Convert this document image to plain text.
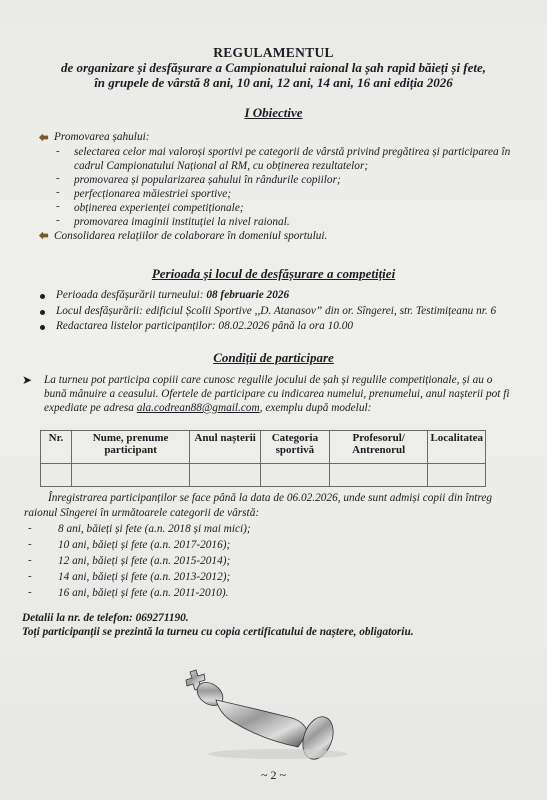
REGULAMENTUL
de organizare și desfășurare a Campionatului raional la șah rapid băieți și fete,
în grupele de vârstă 8 ani, 10 ani, 12 ani, 14 ani, 16 ani ediția 2026
I Obiective
Promovarea șahului:
- selectarea celor mai valoroși sportivi pe categorii de vârstă privind pregătirea și participarea în
cadrul Campionatului Național al RM, cu obținerea rezultatelor;
- promovarea și popularizarea șahului în rândurile copiilor;
- perfecționarea măiestriei sportive;
- obținerea experienței competiționale;
- promovarea imaginii instituției la nivel raional.
Consolidarea relațiilor de colaborare în domeniul sportului.
Perioada și locul de desfășurare a competiției
Perioada desfășurării turneului: 08 februarie 2026
Locul desfășurării: edificiul Școlii Sportive ,,D. Atanasov” din or. Sîngerei, str. Testimițeanu nr. 6
Redactarea listelor participanților: 08.02.2026 până la ora 10.00
Condiții de participare
➤ La turneu pot participa copiii care cunosc regulile jocului de șah și regulile competiționale, și au o
bună mânuire a ceasului. Ofertele de participare cu indicarea numelui, prenumelui, anul nașterii pot fi
expediate pe adresa ala.codrean88@gmail.com, exemplu după modelul:
Nr.	Nume, prenume participant	Anul nașterii	Categoria sportivă	Profesorul/ Antrenorul	Localitatea

Înregistrarea participanților se face până la data de 06.02.2026, unde sunt admiși copii din întreg
raionul Sîngerei în următoarele categorii de vârstă:
- 8 ani, băieți și fete (a.n. 2018 și mai mici);
- 10 ani, băieți și fete (a.n. 2017-2016);
- 12 ani, băieți și fete (a.n. 2015-2014);
- 14 ani, băieți și fete (a.n. 2013-2012);
- 16 ani, băieți și fete (a.n. 2011-2010).
Detalii la nr. de telefon: 069271190.
Toți participanții se prezintă la turneu cu copia certificatului de naștere, obligatoriu.
~ 2 ~
